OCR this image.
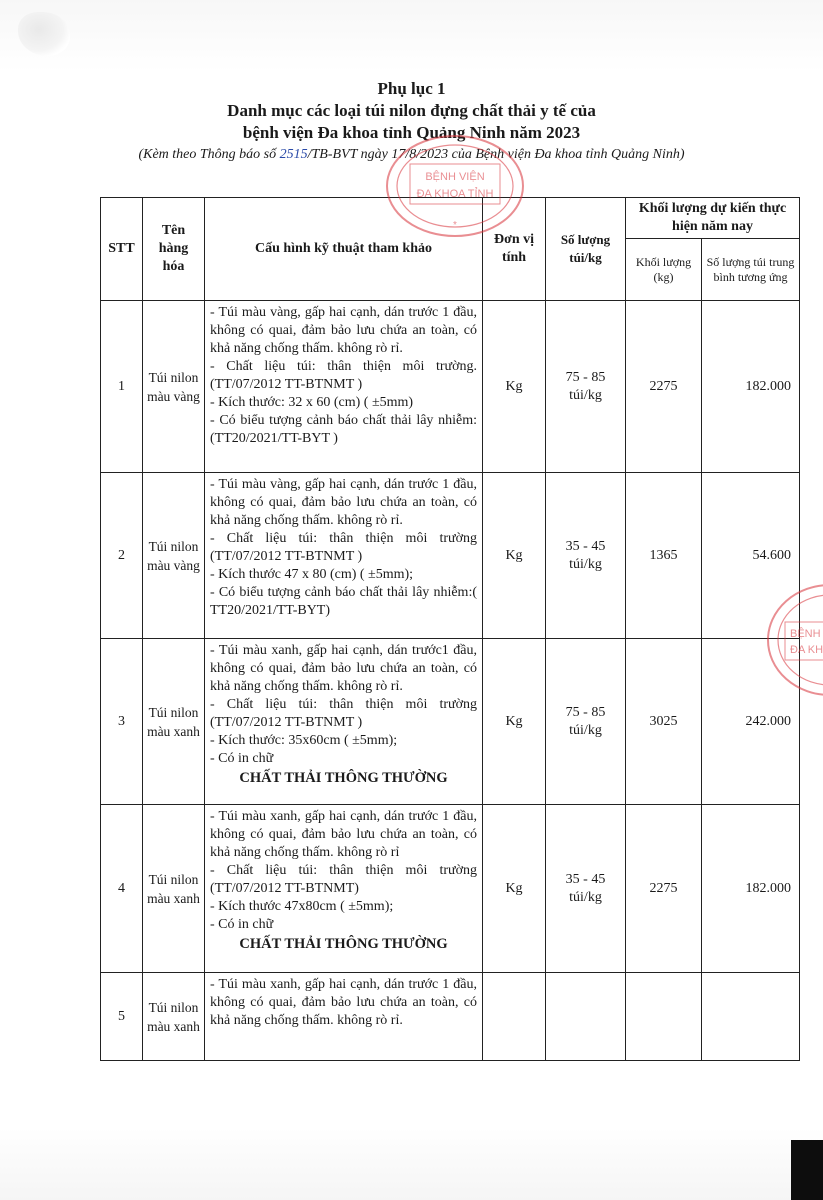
Phụ lục 1
Danh mục các loại túi nilon đựng chất thải y tế của
bệnh viện Đa khoa tỉnh Quảng Ninh năm 2023
(Kèm theo Thông báo số 2515/TB-BVT ngày 17/8/2023 của Bệnh viện Đa khoa tỉnh Quảng Ninh)
BỆNH VIỆN
ĐA KHOA TỈNH
*
BỆNH
ĐA KH
STT	Tên hàng hóa	Cấu hình kỹ thuật tham khảo	Đơn vị tính	Số lượng túi/kg	Khối lượng dự kiến thực hiện năm nay	
					Khối lượng (kg)	Số lượng túi trung bình tương ứng
1	Túi nilon màu vàng	- Túi màu vàng, gấp hai cạnh, dán trước 1 đầu, không có quai, đảm bảo lưu chứa an toàn, có khả năng chống thấm. không rò rỉ.
- Chất liệu túi: thân thiện môi trường. (TT/07/2012 TT-BTNMT )
- Kích thước: 32 x 60 (cm) ( ±5mm)
- Có biểu tượng cảnh báo chất thải lây nhiễm: (TT20/2021/TT-BYT )	Kg	75 - 85 túi/kg	2275	182.000
2	Túi nilon màu vàng	- Túi màu vàng, gấp hai cạnh, dán trước 1 đầu, không có quai, đảm bảo lưu chứa an toàn, có khả năng chống thấm. không rò rỉ.
- Chất liệu túi: thân thiện môi trường (TT/07/2012 TT-BTNMT )
- Kích thước 47 x 80 (cm) ( ±5mm);
- Có biểu tượng cảnh báo chất thải lây nhiễm:( TT20/2021/TT-BYT)	Kg	35 - 45 túi/kg	1365	54.600
3	Túi nilon màu xanh	- Túi màu xanh, gấp hai cạnh, dán trước1 đầu, không có quai, đảm bảo lưu chứa an toàn, có khả năng chống thấm. không rò rỉ.
- Chất liệu túi: thân thiện môi trường (TT/07/2012 TT-BTNMT )
- Kích thước: 35x60cm ( ±5mm);
- Có in chữ
CHẤT THẢI THÔNG THƯỜNG	Kg	75 - 85 túi/kg	3025	242.000
4	Túi nilon màu xanh	- Túi màu xanh, gấp hai cạnh, dán trước 1 đầu, không có quai, đảm bảo lưu chứa an toàn, có khả năng chống thấm. không rò rỉ
- Chất liệu túi: thân thiện môi trường (TT/07/2012 TT-BTNMT)
- Kích thước 47x80cm ( ±5mm);
- Có in chữ
CHẤT THẢI THÔNG THƯỜNG	Kg	35 - 45 túi/kg	2275	182.000
5	Túi nilon màu xanh	- Túi màu xanh, gấp hai cạnh, dán trước 1 đầu, không có quai, đảm bảo lưu chứa an toàn, có khả năng chống thấm. không rò rỉ.				
